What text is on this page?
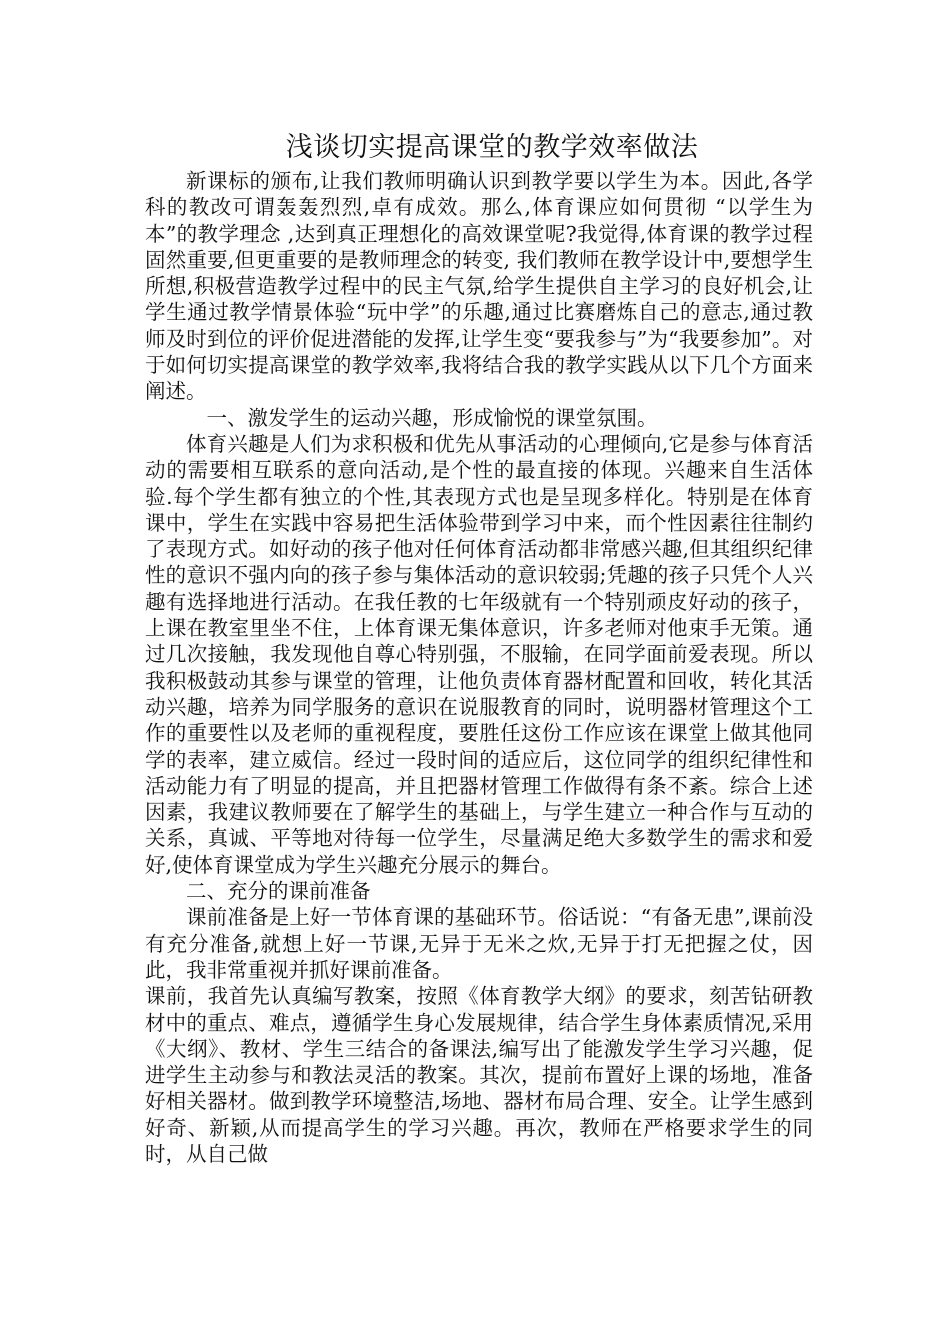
浅谈切实提高课堂的教学效率做法

新课标的颁布,让我们教师明确认识到教学要以学生为本。因此,各学科的教改可谓轰轰烈烈,卓有成效。那么,体育课应如何贯彻 “以学生为本”的教学理念 ,达到真正理想化的高效课堂呢?我觉得,体育课的教学过程固然重要,但更重要的是教师理念的转变, 我们教师在教学设计中,要想学生所想,积极营造教学过程中的民主气氛,给学生提供自主学习的良好机会,让学生通过教学情景体验“玩中学”的乐趣,通过比赛磨炼自己的意志,通过教师及时到位的评价促进潜能的发挥,让学生变“要我参与”为“我要参加”。对于如何切实提高课堂的教学效率,我将结合我的教学实践从以下几个方面来阐述。

一、激发学生的运动兴趣，形成愉悦的课堂氛围。

体育兴趣是人们为求积极和优先从事活动的心理倾向,它是参与体育活动的需要相互联系的意向活动,是个性的最直接的体现。兴趣来自生活体验.每个学生都有独立的个性,其表现方式也是呈现多样化。特别是在体育课中，学生在实践中容易把生活体验带到学习中来，而个性因素往往制约了表现方式。如好动的孩子他对任何体育活动都非常感兴趣,但其组织纪律性的意识不强内向的孩子参与集体活动的意识较弱;凭趣的孩子只凭个人兴趣有选择地进行活动。在我任教的七年级就有一个特别顽皮好动的孩子，上课在教室里坐不住，上体育课无集体意识，许多老师对他束手无策。通过几次接触，我发现他自尊心特别强，不服输，在同学面前爱表现。所以我积极鼓动其参与课堂的管理，让他负责体育器材配置和回收，转化其活动兴趣，培养为同学服务的意识在说服教育的同时，说明器材管理这个工作的重要性以及老师的重视程度，要胜任这份工作应该在课堂上做其他同学的表率，建立威信。经过一段时间的适应后，这位同学的组织纪律性和活动能力有了明显的提高，并且把器材管理工作做得有条不紊。综合上述因素，我建议教师要在了解学生的基础上，与学生建立一种合作与互动的关系，真诚、平等地对待每一位学生，尽量满足绝大多数学生的需求和爱好,使体育课堂成为学生兴趣充分展示的舞台。

二、充分的课前准备

课前准备是上好一节体育课的基础环节。俗话说：“有备无患”,课前没有充分准备,就想上好一节课,无异于无米之炊,无异于打无把握之仗，因此，我非常重视并抓好课前准备。

课前，我首先认真编写教案，按照《体育教学大纲》的要求，刻苦钻研教材中的重点、难点，遵循学生身心发展规律，结合学生身体素质情况,采用《大纲》、教材、学生三结合的备课法,编写出了能激发学生学习兴趣，促进学生主动参与和教法灵活的教案。其次，提前布置好上课的场地，准备好相关器材。做到教学环境整洁,场地、器材布局合理、安全。让学生感到好奇、新颖,从而提高学生的学习兴趣。再次，教师在严格要求学生的同时，从自己做
